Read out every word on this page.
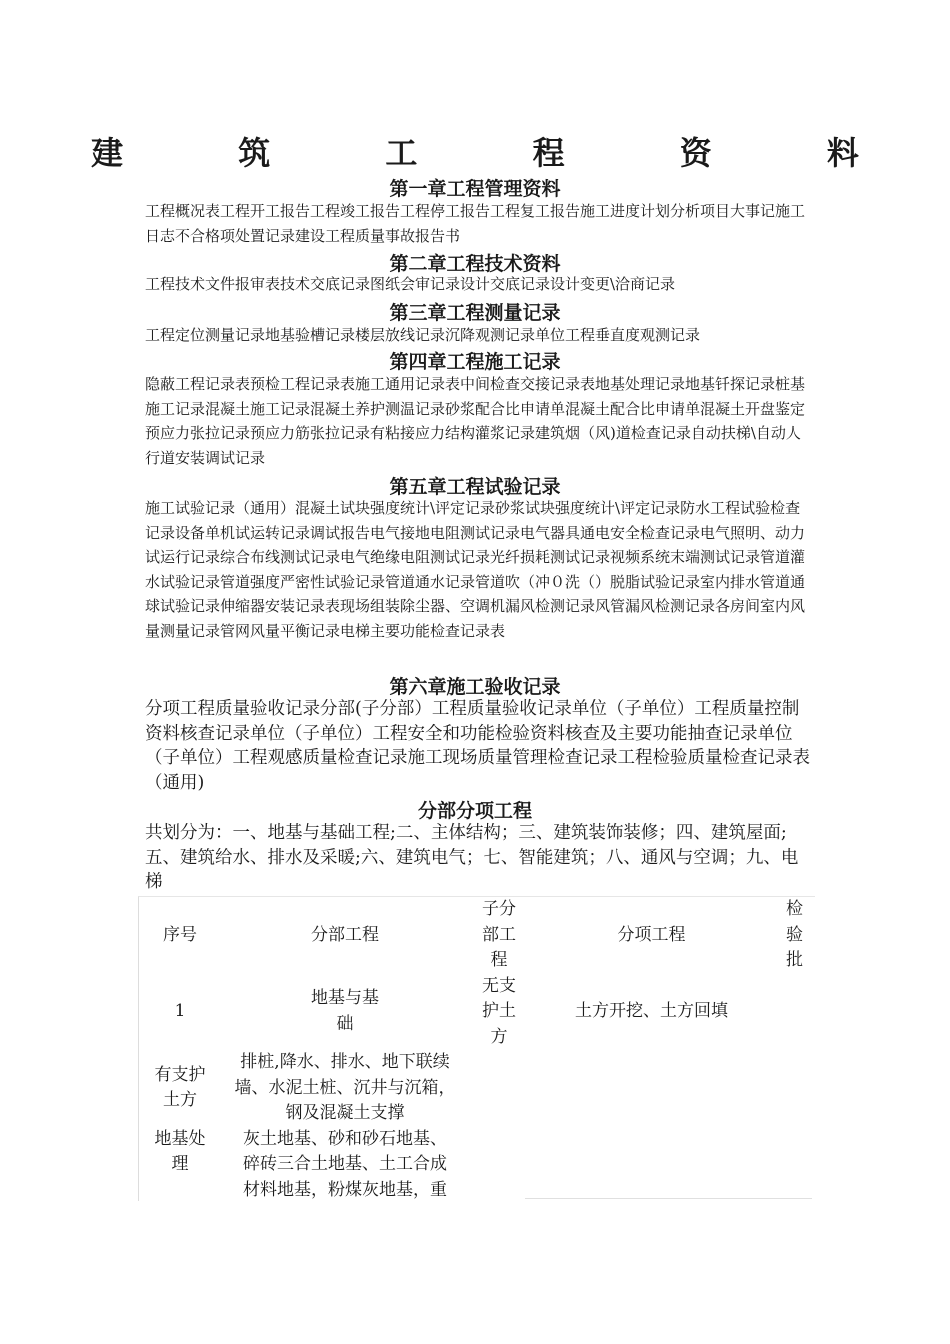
建 筑 工 程 资 料
第一章工程管理资料
工程概况表工程开工报告工程竣工报告工程停工报告工程复工报告施工进度计划分析项目大事记施工日志不合格项处置记录建设工程质量事故报告书
第二章工程技术资料
工程技术文件报审表技术交底记录图纸会审记录设计交底记录设计变更\洽商记录
第三章工程测量记录
工程定位测量记录地基验槽记录楼层放线记录沉降观测记录单位工程垂直度观测记录
第四章工程施工记录
隐蔽工程记录表预检工程记录表施工通用记录表中间检查交接记录表地基处理记录地基钎探记录桩基施工记录混凝土施工记录混凝土养护测温记录砂浆配合比申请单混凝土配合比申请单混凝土开盘鉴定预应力张拉记录预应力筋张拉记录有粘接应力结构灌浆记录建筑烟（风)道检查记录自动扶梯\自动人行道安装调试记录
第五章工程试验记录
施工试验记录（通用）混凝土试块强度统计\评定记录砂浆试块强度统计\评定记录防水工程试验检查记录设备单机试运转记录调试报告电气接地电阻测试记录电气器具通电安全检查记录电气照明、动力试运行记录综合布线测试记录电气绝缘电阻测试记录光纤损耗测试记录视频系统末端测试记录管道灌水试验记录管道强度严密性试验记录管道通水记录管道吹（冲０洗（）脱脂试验记录室内排水管道通球试验记录伸缩器安装记录表现场组装除尘器、空调机漏风检测记录风管漏风检测记录各房间室内风量测量记录管网风量平衡记录电梯主要功能检查记录表
第六章施工验收记录
分项工程质量验收记录分部(子分部）工程质量验收记录单位（子单位）工程质量控制资料核查记录单位（子单位）工程安全和功能检验资料核查及主要功能抽查记录单位（子单位）工程观感质量检查记录施工现场质量管理检查记录工程检验质量检查记录表（通用)
分部分项工程
共划分为：一、地基与基础工程;二、主体结构；三、建筑装饰装修；四、建筑屋面;五、建筑给水、排水及采暖;六、建筑电气；七、智能建筑；八、通风与空调；九、电梯
序号	分部工程	子分部工程	分项工程	检验批
1	地基与基础	无支护土方	土方开挖、土方回填	
有支护土方	排桩,降水、排水、地下联续墙、水泥土桩、沉井与沉箱，钢及混凝土支撑			
地基处理	灰土地基、砂和砂石地基、碎砖三合土地基、土工合成材料地基，粉煤灰地基，重			
